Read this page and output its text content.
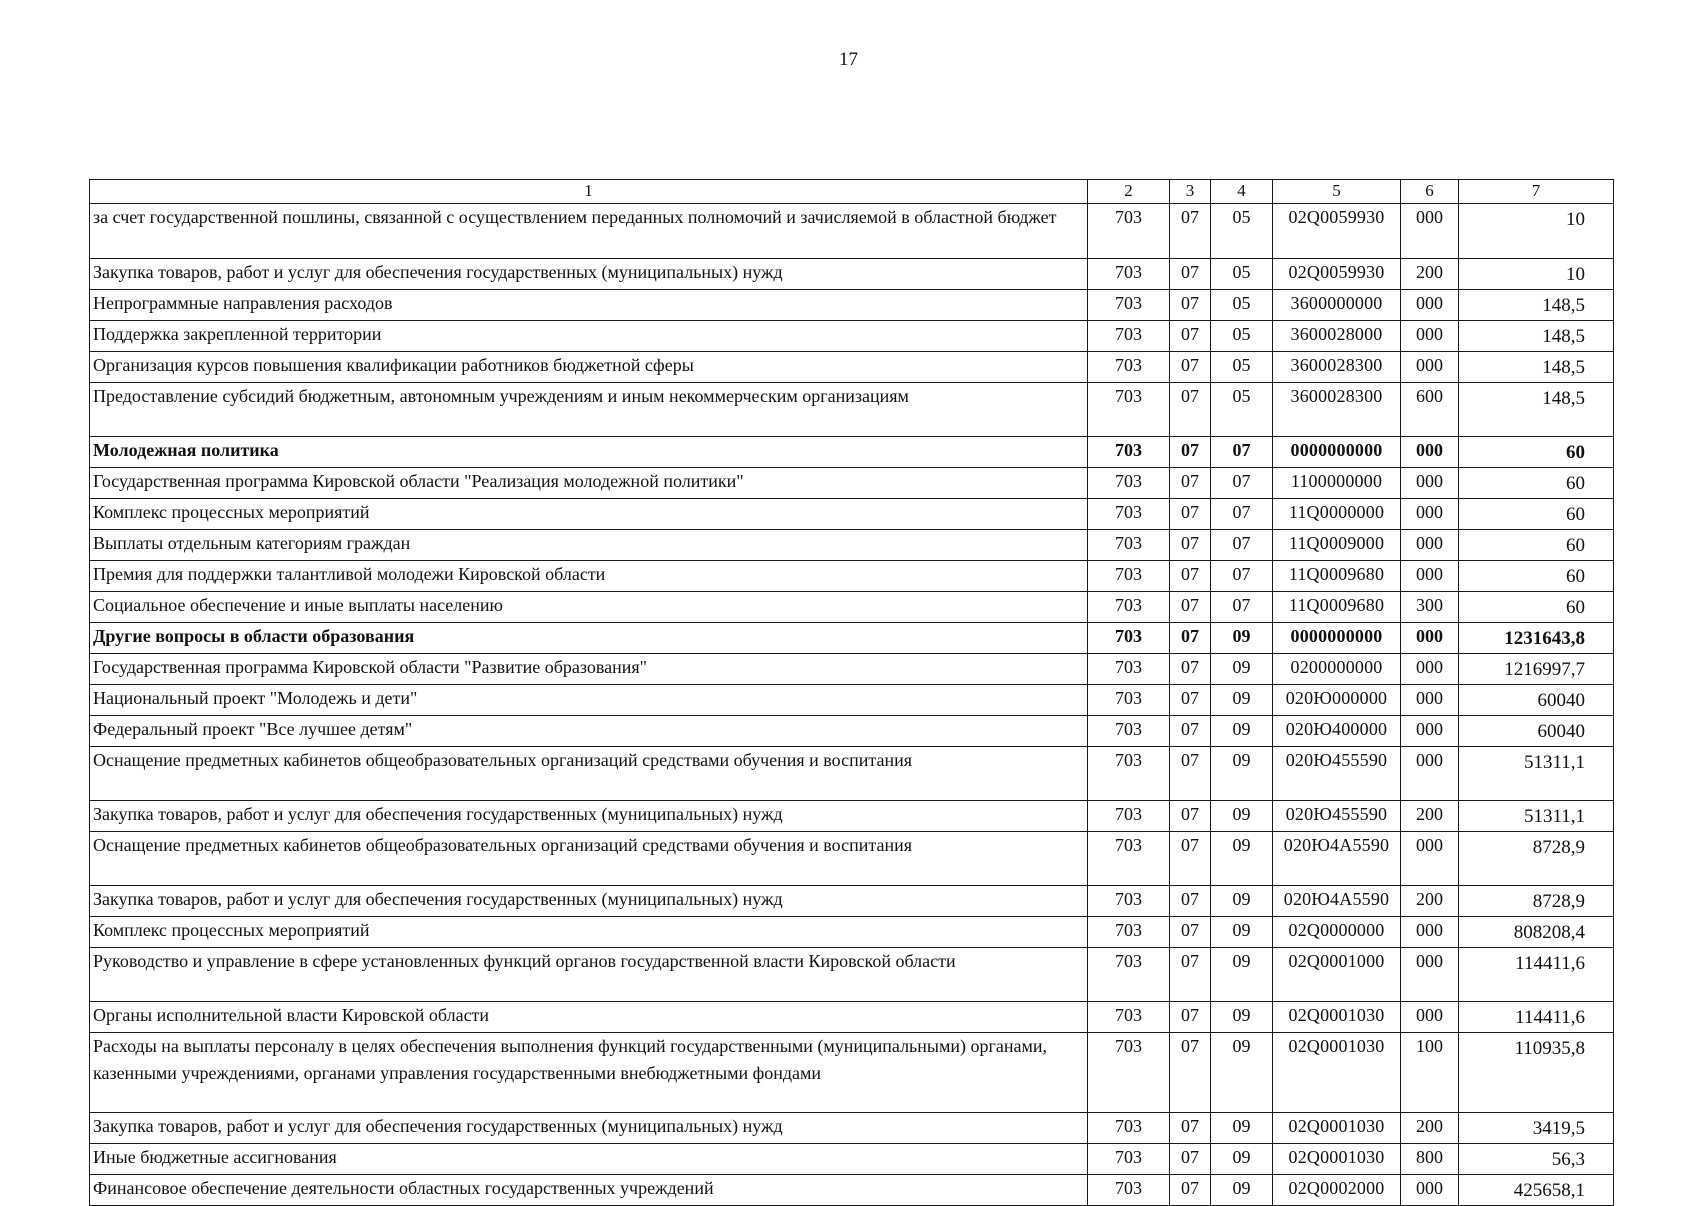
17
1	2	3	4	5	6	7
за счет государственной пошлины, связанной с осуществлением переданных полномочий и зачисляемой в областной бюджет	703	07	05	02Q0059930	000	10
Закупка товаров, работ и услуг для обеспечения государственных (муниципальных) нужд	703	07	05	02Q0059930	200	10
Непрограммные направления расходов	703	07	05	3600000000	000	148,5
Поддержка закрепленной территории	703	07	05	3600028000	000	148,5
Организация курсов повышения квалификации работников бюджетной сферы	703	07	05	3600028300	000	148,5
Предоставление субсидий бюджетным, автономным учреждениям и иным некоммерческим организациям	703	07	05	3600028300	600	148,5
Молодежная политика	703	07	07	0000000000	000	60
Государственная программа Кировской области "Реализация молодежной политики"	703	07	07	1100000000	000	60
Комплекс процессных мероприятий	703	07	07	11Q0000000	000	60
Выплаты отдельным категориям граждан	703	07	07	11Q0009000	000	60
Премия для поддержки талантливой молодежи Кировской области	703	07	07	11Q0009680	000	60
Социальное обеспечение и иные выплаты населению	703	07	07	11Q0009680	300	60
Другие вопросы в области образования	703	07	09	0000000000	000	1231643,8
Государственная программа Кировской области "Развитие образования"	703	07	09	0200000000	000	1216997,7
Национальный проект "Молодежь и дети"	703	07	09	020Ю000000	000	60040
Федеральный проект "Все лучшее детям"	703	07	09	020Ю400000	000	60040
Оснащение предметных кабинетов общеобразовательных организаций средствами обучения и воспитания	703	07	09	020Ю455590	000	51311,1
Закупка товаров, работ и услуг для обеспечения государственных (муниципальных) нужд	703	07	09	020Ю455590	200	51311,1
Оснащение предметных кабинетов общеобразовательных организаций средствами обучения и воспитания	703	07	09	020Ю4А5590	000	8728,9
Закупка товаров, работ и услуг для обеспечения государственных (муниципальных) нужд	703	07	09	020Ю4А5590	200	8728,9
Комплекс процессных мероприятий	703	07	09	02Q0000000	000	808208,4
Руководство и управление в сфере установленных функций органов государственной власти Кировской области	703	07	09	02Q0001000	000	114411,6
Органы исполнительной власти Кировской области	703	07	09	02Q0001030	000	114411,6
Расходы на выплаты персоналу в целях обеспечения выполнения функций государственными (муниципальными) органами, казенными учреждениями, органами управления государственными внебюджетными фондами	703	07	09	02Q0001030	100	110935,8
Закупка товаров, работ и услуг для обеспечения государственных (муниципальных) нужд	703	07	09	02Q0001030	200	3419,5
Иные бюджетные ассигнования	703	07	09	02Q0001030	800	56,3
Финансовое обеспечение деятельности областных государственных учреждений	703	07	09	02Q0002000	000	425658,1
